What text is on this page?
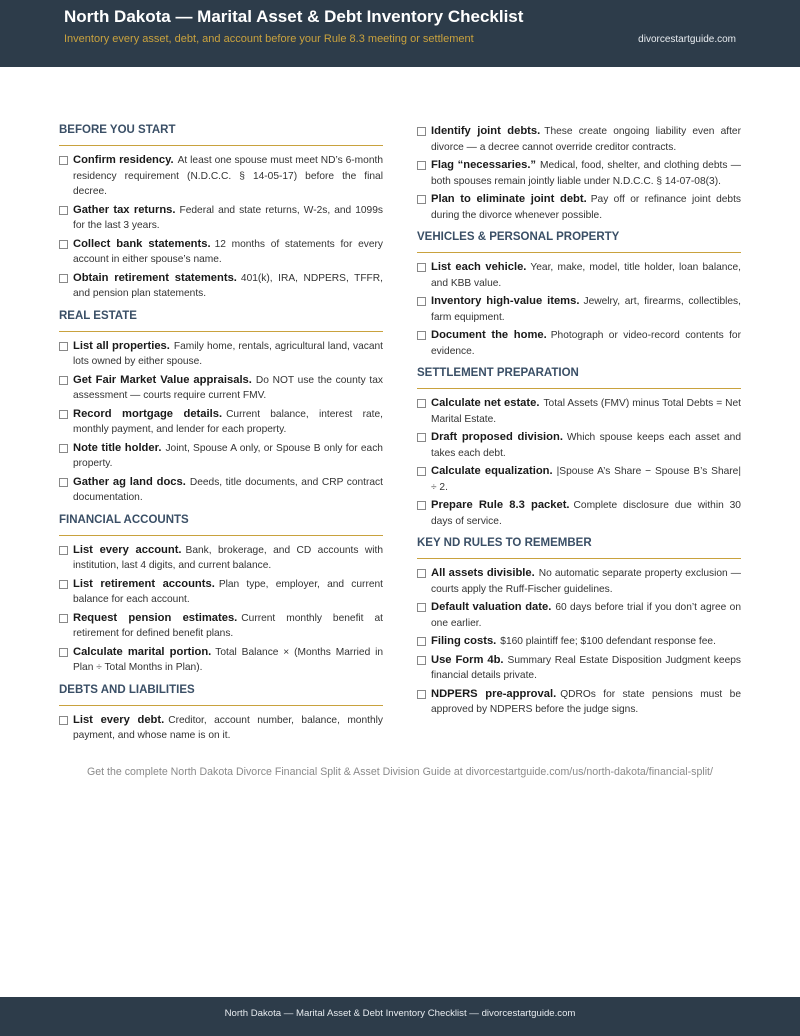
North Dakota — Marital Asset & Debt Inventory Checklist
Inventory every asset, debt, and account before your Rule 8.3 meeting or settlement	divorcestartguide.com
BEFORE YOU START
Confirm residency. At least one spouse must meet ND’s 6-month residency requirement (N.D.C.C. § 14-05-17) before the final decree.
Gather tax returns. Federal and state returns, W-2s, and 1099s for the last 3 years.
Collect bank statements. 12 months of statements for every account in either spouse’s name.
Obtain retirement statements. 401(k), IRA, NDPERS, TFFR, and pension plan statements.
REAL ESTATE
List all properties. Family home, rentals, agricultural land, vacant lots owned by either spouse.
Get Fair Market Value appraisals. Do NOT use the county tax assessment — courts require current FMV.
Record mortgage details. Current balance, interest rate, monthly payment, and lender for each property.
Note title holder. Joint, Spouse A only, or Spouse B only for each property.
Gather ag land docs. Deeds, title documents, and CRP contract documentation.
FINANCIAL ACCOUNTS
List every account. Bank, brokerage, and CD accounts with institution, last 4 digits, and current balance.
List retirement accounts. Plan type, employer, and current balance for each account.
Request pension estimates. Current monthly benefit at retirement for defined benefit plans.
Calculate marital portion. Total Balance × (Months Married in Plan ÷ Total Months in Plan).
DEBTS AND LIABILITIES
List every debt. Creditor, account number, balance, monthly payment, and whose name is on it.
Identify joint debts. These create ongoing liability even after divorce — a decree cannot override creditor contracts.
Flag “necessaries.” Medical, food, shelter, and clothing debts — both spouses remain jointly liable under N.D.C.C. § 14-07-08(3).
Plan to eliminate joint debt. Pay off or refinance joint debts during the divorce whenever possible.
VEHICLES & PERSONAL PROPERTY
List each vehicle. Year, make, model, title holder, loan balance, and KBB value.
Inventory high-value items. Jewelry, art, firearms, collectibles, farm equipment.
Document the home. Photograph or video-record contents for evidence.
SETTLEMENT PREPARATION
Calculate net estate. Total Assets (FMV) minus Total Debts = Net Marital Estate.
Draft proposed division. Which spouse keeps each asset and takes each debt.
Calculate equalization. |Spouse A’s Share − Spouse B’s Share| ÷ 2.
Prepare Rule 8.3 packet. Complete disclosure due within 30 days of service.
KEY ND RULES TO REMEMBER
All assets divisible. No automatic separate property exclusion — courts apply the Ruff-Fischer guidelines.
Default valuation date. 60 days before trial if you don’t agree on one earlier.
Filing costs. $160 plaintiff fee; $100 defendant response fee.
Use Form 4b. Summary Real Estate Disposition Judgment keeps financial details private.
NDPERS pre-approval. QDROs for state pensions must be approved by NDPERS before the judge signs.
Get the complete North Dakota Divorce Financial Split & Asset Division Guide at divorcestartguide.com/us/north-dakota/financial-split/
North Dakota — Marital Asset & Debt Inventory Checklist — divorcestartguide.com
